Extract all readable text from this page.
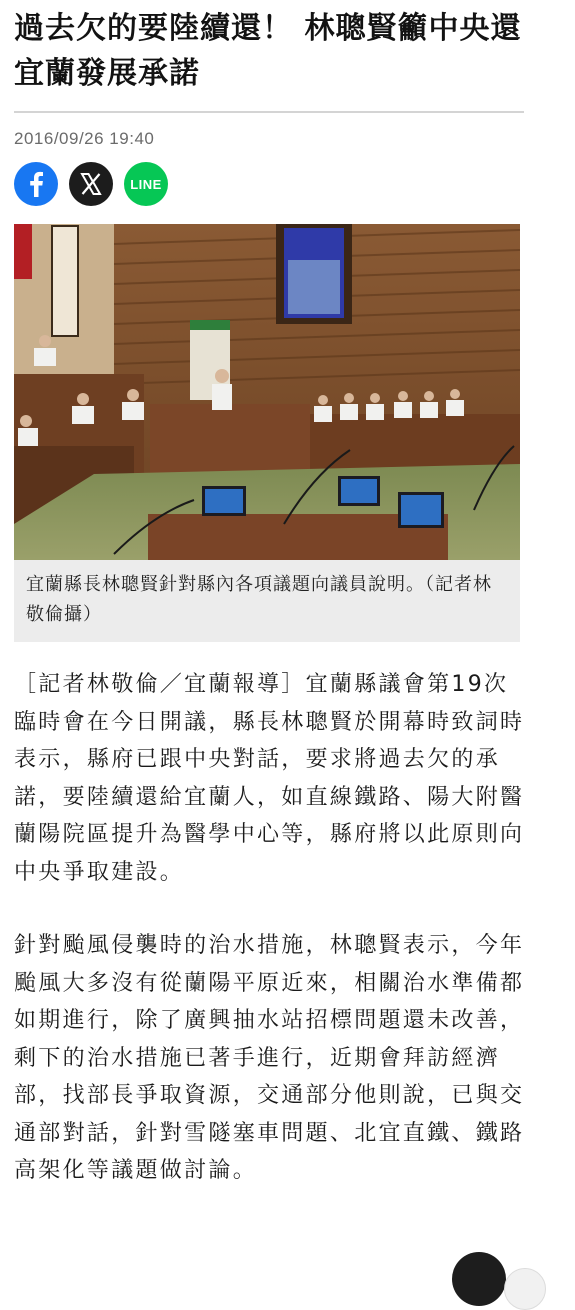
過去欠的要陸續還！ 林聰賢籲中央還宜蘭發展承諾
2016/09/26 19:40
LINE
宜蘭縣長林聰賢針對縣內各項議題向議員說明。（記者林敬倫攝）

［記者林敬倫／宜蘭報導］宜蘭縣議會第19次臨時會在今日開議，縣長林聰賢於開幕時致詞時表示，縣府已跟中央對話，要求將過去欠的承諾，要陸續還給宜蘭人，如直線鐵路、陽大附醫蘭陽院區提升為醫學中心等，縣府將以此原則向中央爭取建設。

針對颱風侵襲時的治水措施，林聰賢表示，今年颱風大多沒有從蘭陽平原近來，相關治水準備都如期進行，除了廣興抽水站招標問題還未改善，剩下的治水措施已著手進行，近期會拜訪經濟部，找部長爭取資源，交通部分他則說，已與交通部對話，針對雪隧塞車問題、北宜直鐵、鐵路高架化等議題做討論。
